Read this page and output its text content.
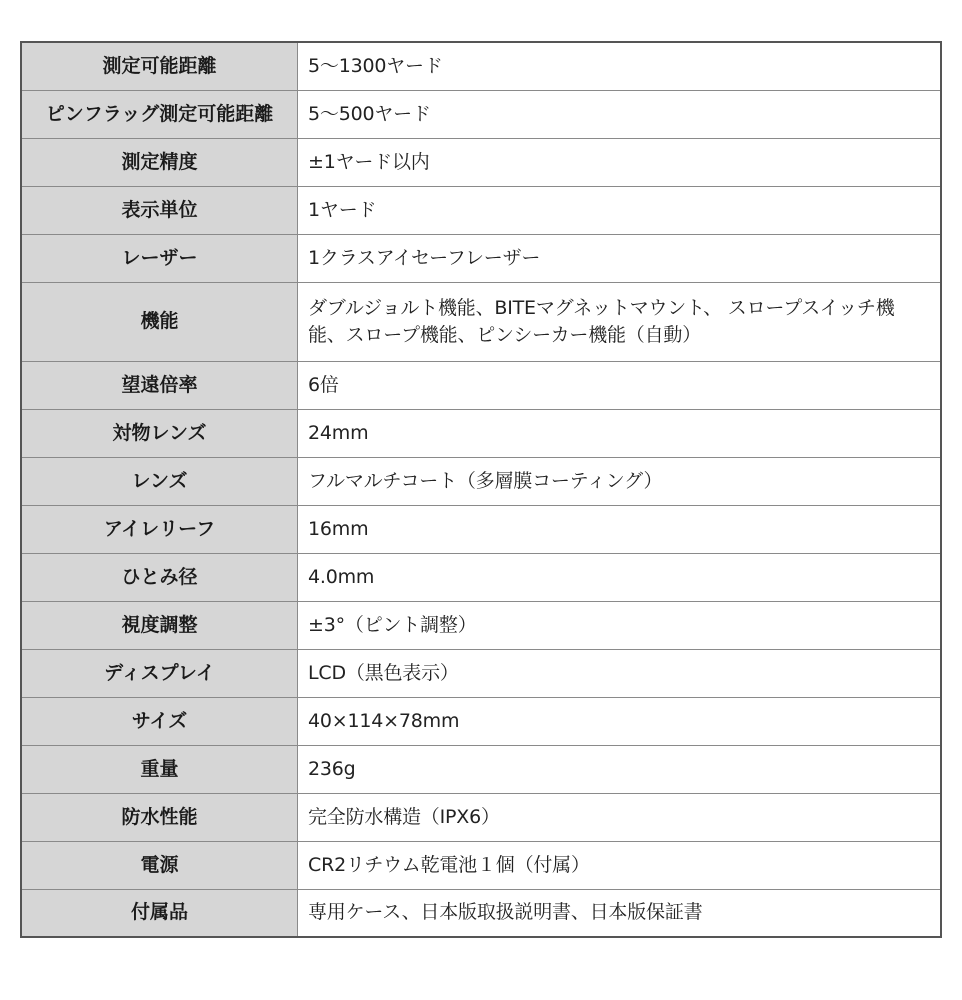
測定可能距離	5〜1300ヤード
ピンフラッグ測定可能距離	5〜500ヤード
測定精度	±1ヤード以内
表示単位	1ヤード
レーザー	1クラスアイセーフレーザー
機能	ダブルジョルト機能、BITEマグネットマウント、 スロープスイッチ機能、スロープ機能、ピンシーカー機能（自動）
望遠倍率	6倍
対物レンズ	24mm
レンズ	フルマルチコート（多層膜コーティング）
アイレリーフ	16mm
ひとみ径	4.0mm
視度調整	±3°（ピント調整）
ディスプレイ	LCD（黒色表示）
サイズ	40×114×78mm
重量	236g
防水性能	完全防水構造（IPX6）
電源	CR2リチウム乾電池１個（付属）
付属品	専用ケース、日本版取扱説明書、日本版保証書
